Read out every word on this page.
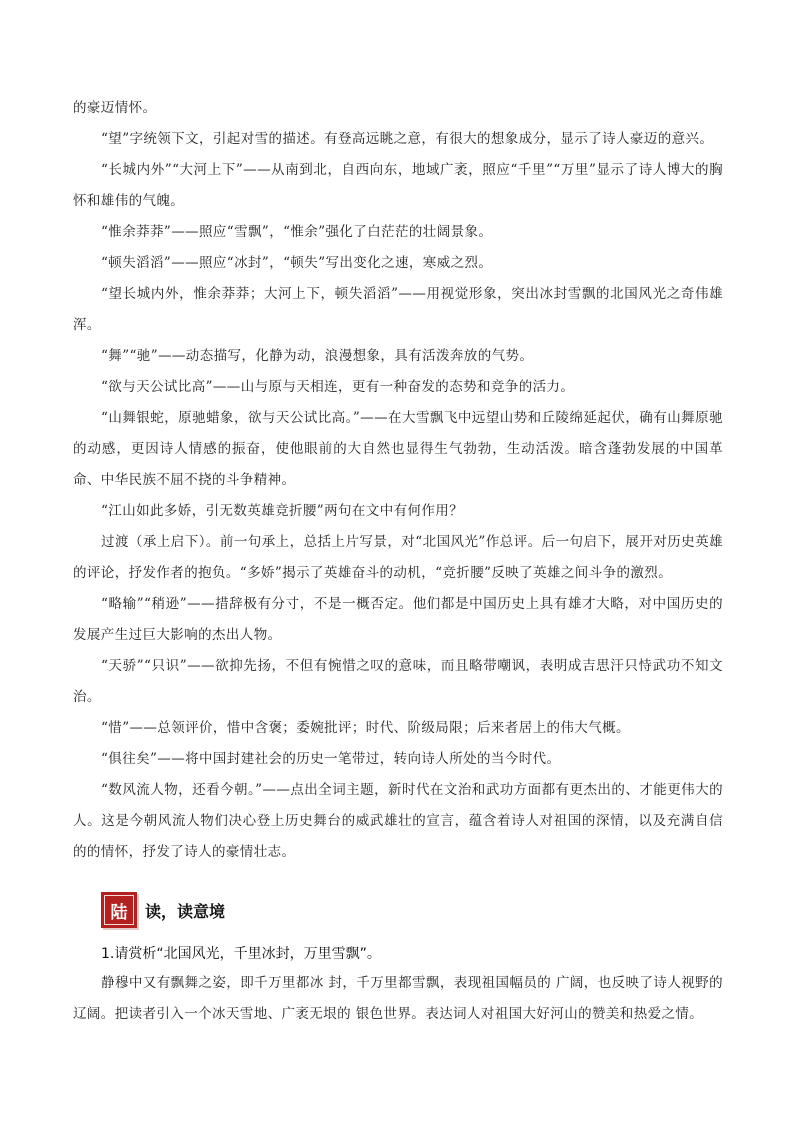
的豪迈情怀。

“望”字统领下文，引起对雪的描述。有登高远眺之意，有很大的想象成分，显示了诗人豪迈的意兴。

“长城内外”“大河上下”——从南到北，自西向东，地域广袤，照应“千里”“万里”显示了诗人博大的胸怀和雄伟的气魄。

“惟余莽莽”——照应“雪飘”，“惟余”强化了白茫茫的壮阔景象。

“顿失滔滔”——照应“冰封”，“顿失”写出变化之速，寒威之烈。

“望长城内外，惟余莽莽；大河上下，顿失滔滔”——用视觉形象，突出冰封雪飘的北国风光之奇伟雄浑。

“舞”“驰”——动态描写，化静为动，浪漫想象，具有活泼奔放的气势。

“欲与天公试比高”——山与原与天相连，更有一种奋发的态势和竞争的活力。

“山舞银蛇，原驰蜡象，欲与天公试比高。”——在大雪飘飞中远望山势和丘陵绵延起伏，确有山舞原驰的动感，更因诗人情感的振奋，使他眼前的大自然也显得生气勃勃，生动活泼。暗含蓬勃发展的中国革命、中华民族不屈不挠的斗争精神。

“江山如此多娇，引无数英雄竞折腰”两句在文中有何作用？

过渡（承上启下）。前一句承上，总括上片写景，对“北国风光”作总评。后一句启下，展开对历史英雄的评论，抒发作者的抱负。“多娇”揭示了英雄奋斗的动机，“竞折腰”反映了英雄之间斗争的激烈。

“略输”“稍逊”——措辞极有分寸，不是一概否定。他们都是中国历史上具有雄才大略，对中国历史的发展产生过巨大影响的杰出人物。

“天骄”“只识”——欲抑先扬，不但有惋惜之叹的意味，而且略带嘲讽，表明成吉思汗只恃武功不知文治。

“惜”——总领评价，惜中含褒；委婉批评；时代、阶级局限；后来者居上的伟大气概。

“俱往矣”——将中国封建社会的历史一笔带过，转向诗人所处的当今时代。

“数风流人物，还看今朝。”——点出全词主题，新时代在文治和武功方面都有更杰出的、才能更伟大的人。这是今朝风流人物们决心登上历史舞台的威武雄壮的宣言，蕴含着诗人对祖国的深情，以及充满自信的的情怀，抒发了诗人的豪情壮志。

陆	读，读意境

1.请赏析“北国风光，千里冰封，万里雪飘”。

静穆中又有飘舞之姿，即千万里都冰 封，千万里都雪飘，表现祖国幅员的 广阔，也反映了诗人视野的辽阔。把读者引入一个冰天雪地、广袤无垠的 银色世界。表达词人对祖国大好河山的赞美和热爱之情。
